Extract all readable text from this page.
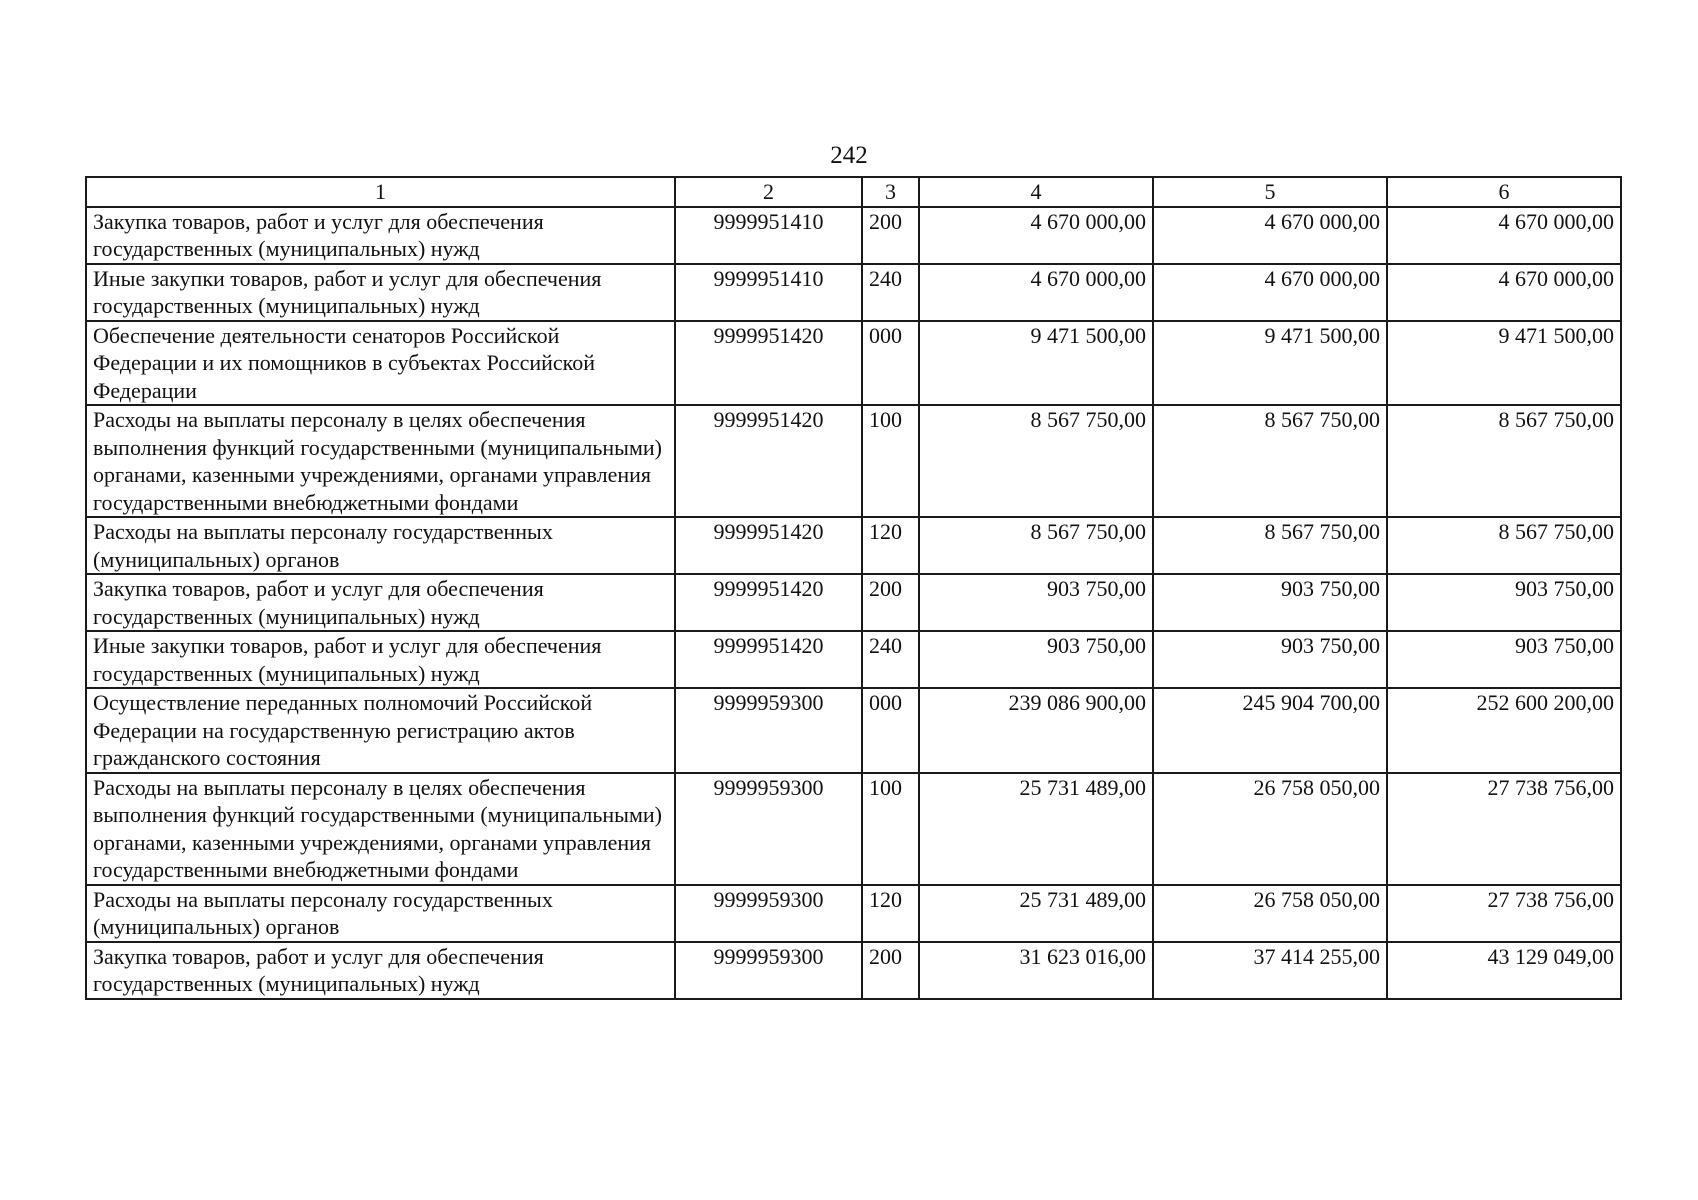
242
1	2	3	4	5	6
Закупка товаров, работ и услуг для обеспечения государственных (муниципальных) нужд	9999951410	200	4 670 000,00	4 670 000,00	4 670 000,00
Иные закупки товаров, работ и услуг для обеспечения государственных (муниципальных) нужд	9999951410	240	4 670 000,00	4 670 000,00	4 670 000,00
Обеспечение деятельности сенаторов Российской Федерации и их помощников в субъектах Российской Федерации	9999951420	000	9 471 500,00	9 471 500,00	9 471 500,00
Расходы на выплаты персоналу в целях обеспечения выполнения функций государственными (муниципальными) органами, казенными учреждениями, органами управления государственными внебюджетными фондами	9999951420	100	8 567 750,00	8 567 750,00	8 567 750,00
Расходы на выплаты персоналу государственных (муниципальных) органов	9999951420	120	8 567 750,00	8 567 750,00	8 567 750,00
Закупка товаров, работ и услуг для обеспечения государственных (муниципальных) нужд	9999951420	200	903 750,00	903 750,00	903 750,00
Иные закупки товаров, работ и услуг для обеспечения государственных (муниципальных) нужд	9999951420	240	903 750,00	903 750,00	903 750,00
Осуществление переданных полномочий Российской Федерации на государственную регистрацию актов гражданского состояния	9999959300	000	239 086 900,00	245 904 700,00	252 600 200,00
Расходы на выплаты персоналу в целях обеспечения выполнения функций государственными (муниципальными) органами, казенными учреждениями, органами управления государственными внебюджетными фондами	9999959300	100	25 731 489,00	26 758 050,00	27 738 756,00
Расходы на выплаты персоналу государственных (муниципальных) органов	9999959300	120	25 731 489,00	26 758 050,00	27 738 756,00
Закупка товаров, работ и услуг для обеспечения государственных (муниципальных) нужд	9999959300	200	31 623 016,00	37 414 255,00	43 129 049,00
